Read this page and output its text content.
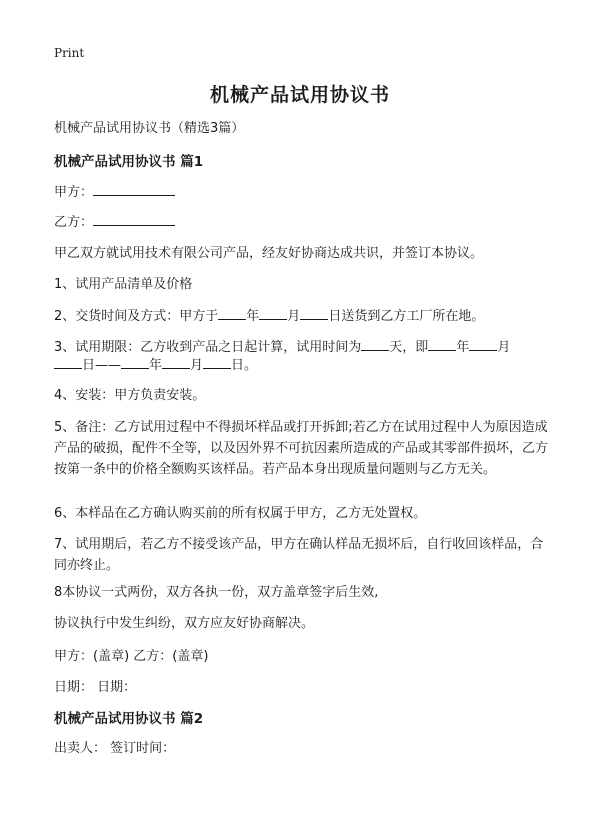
Print
机械产品试用协议书
机械产品试用协议书（精选3篇）
机械产品试用协议书 篇1
甲方：
乙方：
甲乙双方就试用技术有限公司产品，经友好协商达成共识，并签订本协议。
1、试用产品清单及价格
2、交货时间及方式：甲方于 年 月 日送货到乙方工厂所在地。
3、试用期限：乙方收到产品之日起计算，试用时间为 天，即 年 月
日—— 年 月 日。
4、安装：甲方负责安装。
5、备注：乙方试用过程中不得损坏样品或打开拆卸;若乙方在试用过程中人为原因造成产品的破损，配件不全等，以及因外界不可抗因素所造成的产品或其零部件损坏，乙方按第一条中的价格全额购买该样品。若产品本身出现质量问题则与乙方无关。
6、本样品在乙方确认购买前的所有权属于甲方，乙方无处置权。
7、试用期后，若乙方不接受该产品，甲方在确认样品无损坏后，自行收回该样品，合同亦终止。
8本协议一式两份，双方各执一份，双方盖章签字后生效,
协议执行中发生纠纷，双方应友好协商解决。
甲方：(盖章) 乙方：(盖章)
日期： 日期：
机械产品试用协议书 篇2
出卖人： 签订时间：
